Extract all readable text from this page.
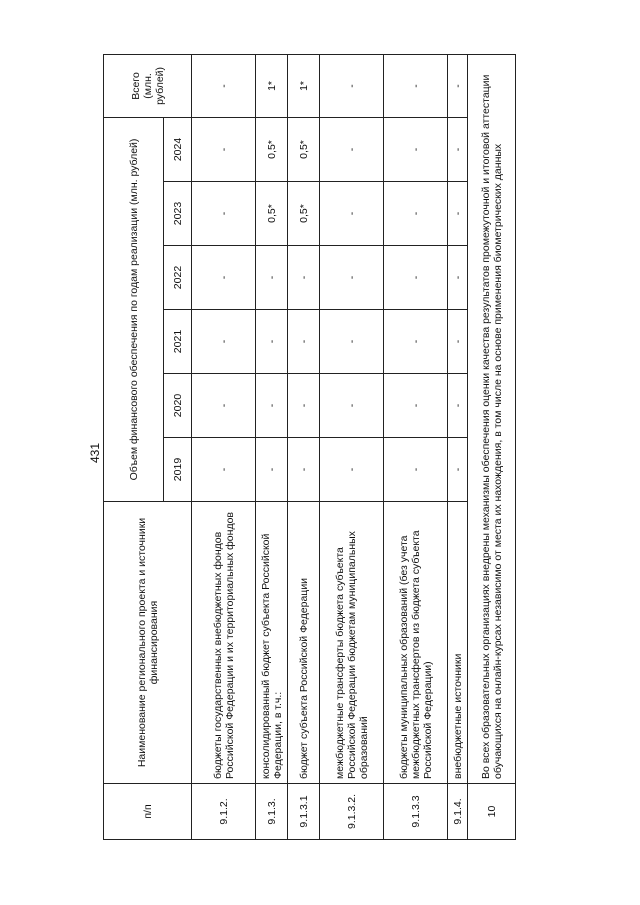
431
п/п	Наименование регионального проекта и источники финансирования	Объем финансового обеспечения по годам реализации (млн. рублей)						Всего (млн. рублей)
		2019	2020	2021	2022	2023	2024	
9.1.2.	бюджеты государственных внебюджетных фондов Российской Федерации и их территориальных фондов	-	-	-	-	-	-	-
9.1.3.	консолидированный бюджет субъекта Российской Федерации, в т.ч.:	-	-	-	-	0,5*	0,5*	1*
9.1.3.1	бюджет субъекта Российской Федерации	-	-	-	-	0,5*	0,5*	1*
9.1.3.2.	межбюджетные трансферты бюджета субъекта Российской Федерации бюджетам муниципальных образований	-	-	-	-	-	-	-
9.1.3.3	бюджеты муниципальных образований (без учета межбюджетных трансфертов из бюджета субъекта Российской Федерации)	-	-	-	-	-	-	-
9.1.4.	внебюджетные источники	-	-	-	-	-	-	-
10	Во всех образовательных организациях внедрены механизмы обеспечения оценки качества результатов промежуточной и итоговой аттестации обучающихся на онлайн-курсах независимо от места их нахождения, в том числе на основе применения биометрических данных							
